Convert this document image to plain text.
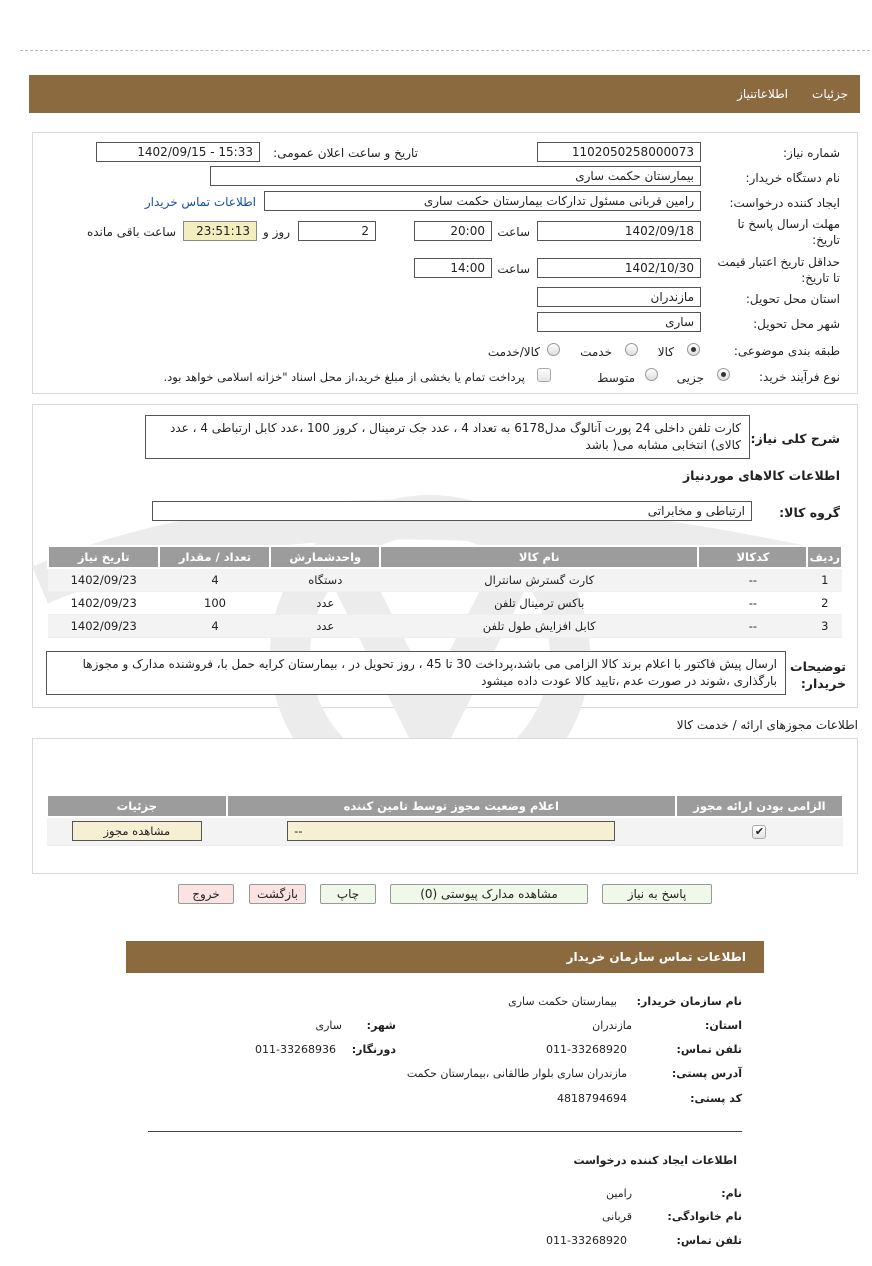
جزئیات
اطلاعاتنیاز
شماره نیاز:
1102050258000073
تاریخ و ساعت اعلان عمومی:
1402/09/15 - 15:33
نام دستگاه خریدار:
بیمارستان حکمت ساری
ایجاد کننده درخواست:
رامین قربانی مسئول تدارکات بیمارستان حکمت ساری
اطلاعات تماس خریدار
مهلت ارسال پاسخ تا تاریخ:
1402/09/18
ساعت
20:00
2
روز و
23:51:13
ساعت باقی مانده
حداقل تاریخ اعتبار قیمت تا تاریخ:
1402/10/30
ساعت
14:00
استان محل تحویل:
مازندران
شهر محل تحویل:
ساری
طبقه بندی موضوعی:
کالا
خدمت
کالا/خدمت
نوع فرآیند خرید:
جزیی
متوسط
پرداخت تمام یا بخشی از مبلغ خرید،از محل اسناد "خزانه اسلامی خواهد بود.
شرح کلی نیاز:
کارت تلفن داخلی 24 پورت آنالوگ مدل6178 به تعداد 4 ، عدد جک ترمینال ، کروز 100 ،عدد کابل ارتباطی 4 ، عدد کالای) انتخابی مشابه می( باشد
اطلاعات کالاهای موردنیاز
گروه کالا:
ارتباطی و مخابراتی
ردیف	کدکالا	نام کالا	واحدشمارش	تعداد / مقدار	تاریخ نیاز
1	--	کارت گسترش سانترال	دستگاه	4	1402/09/23
2	--	باکس ترمینال تلفن	عدد	100	1402/09/23
3	--	کابل افزایش طول تلفن	عدد	4	1402/09/23
توضیحات خریدار:
ارسال پیش فاکتور با اعلام برند کالا الزامی می باشد،پرداخت 30 تا 45 ، روز تحویل در ، بیمارستان کرایه حمل با، فروشنده مدارک و مجوزها بارگذاری ،شوند در صورت عدم ،تایید کالا عودت داده میشود
اطلاعات مجوزهای ارائه / خدمت کالا
الزامی بودن ارائه مجوز	اعلام وضعیت مجوز توسط تامین کننده	جزئیات
✔	--	مشاهده مجوز
پاسخ به نیاز
مشاهده مدارک پیوستی (0)
چاپ
بازگشت
خروج
اطلاعات تماس سازمان خریدار
نام سازمان خریدار:
بیمارستان حکمت ساری
استان:
مازندران
شهر:
ساری
تلفن تماس:
011-33268920
دورنگار:
011-33268936
آدرس پستی:
مازندران ساری بلوار طالقانی ،بیمارستان حکمت
کد پستی:
4818794694
اطلاعات ایجاد کننده درخواست
نام:
رامین
نام خانوادگی:
قربانی
تلفن تماس:
011-33268920
